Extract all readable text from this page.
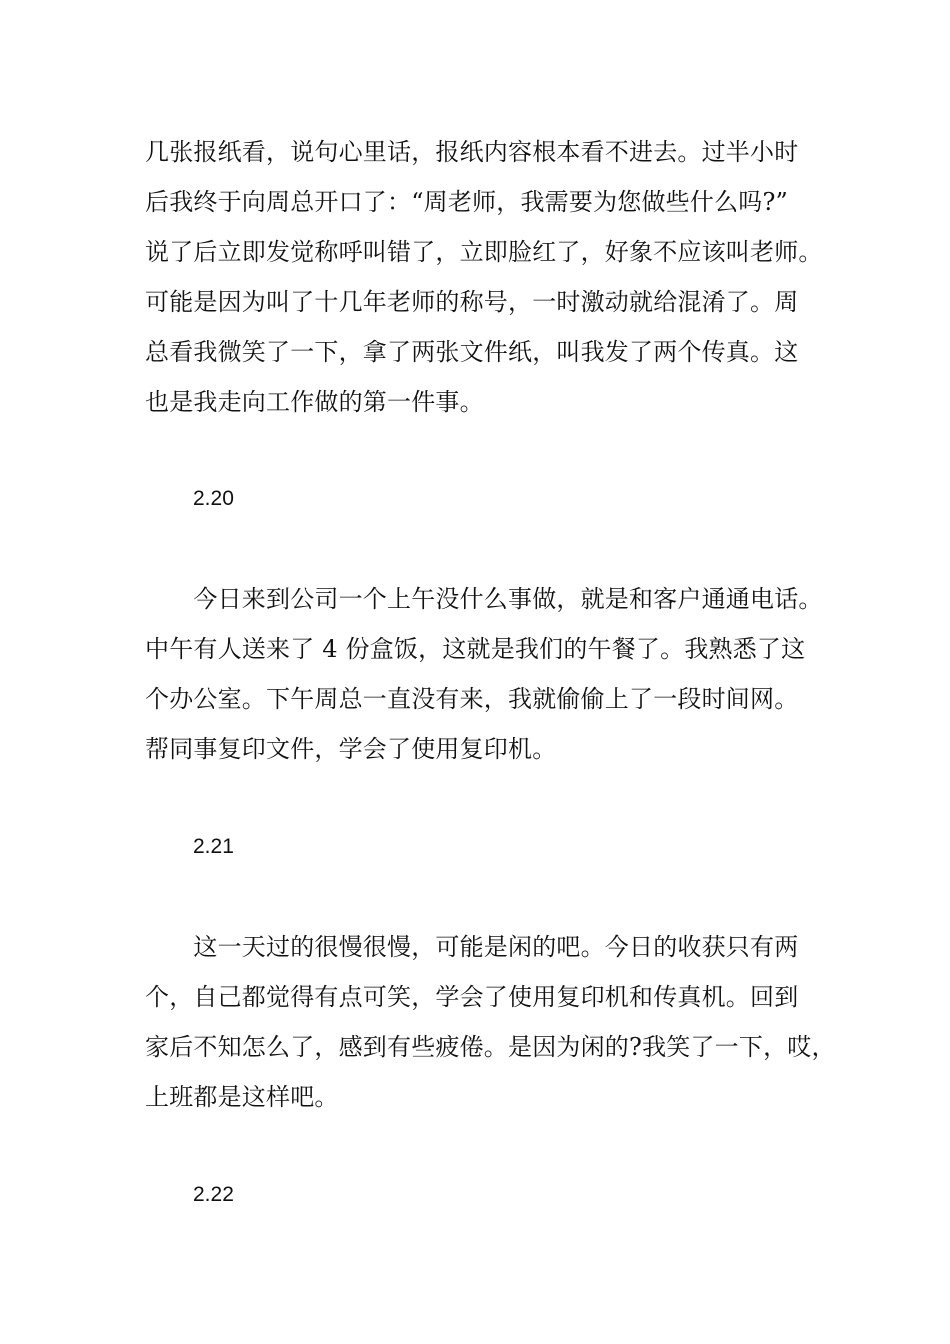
几张报纸看，说句心里话，报纸内容根本看不进去。过半小时
后我终于向周总开口了：“周老师，我需要为您做些什么吗?”
说了后立即发觉称呼叫错了，立即脸红了，好象不应该叫老师。
可能是因为叫了十几年老师的称号，一时激动就给混淆了。周
总看我微笑了一下，拿了两张文件纸，叫我发了两个传真。这
也是我走向工作做的第一件事。
2.20
　　今日来到公司一个上午没什么事做，就是和客户通通电话。
中午有人送来了 4 份盒饭，这就是我们的午餐了。我熟悉了这
个办公室。下午周总一直没有来，我就偷偷上了一段时间网。
帮同事复印文件，学会了使用复印机。
2.21
　　这一天过的很慢很慢，可能是闲的吧。今日的收获只有两
个，自己都觉得有点可笑，学会了使用复印机和传真机。回到
家后不知怎么了，感到有些疲倦。是因为闲的?我笑了一下，哎，
上班都是这样吧。
2.22
